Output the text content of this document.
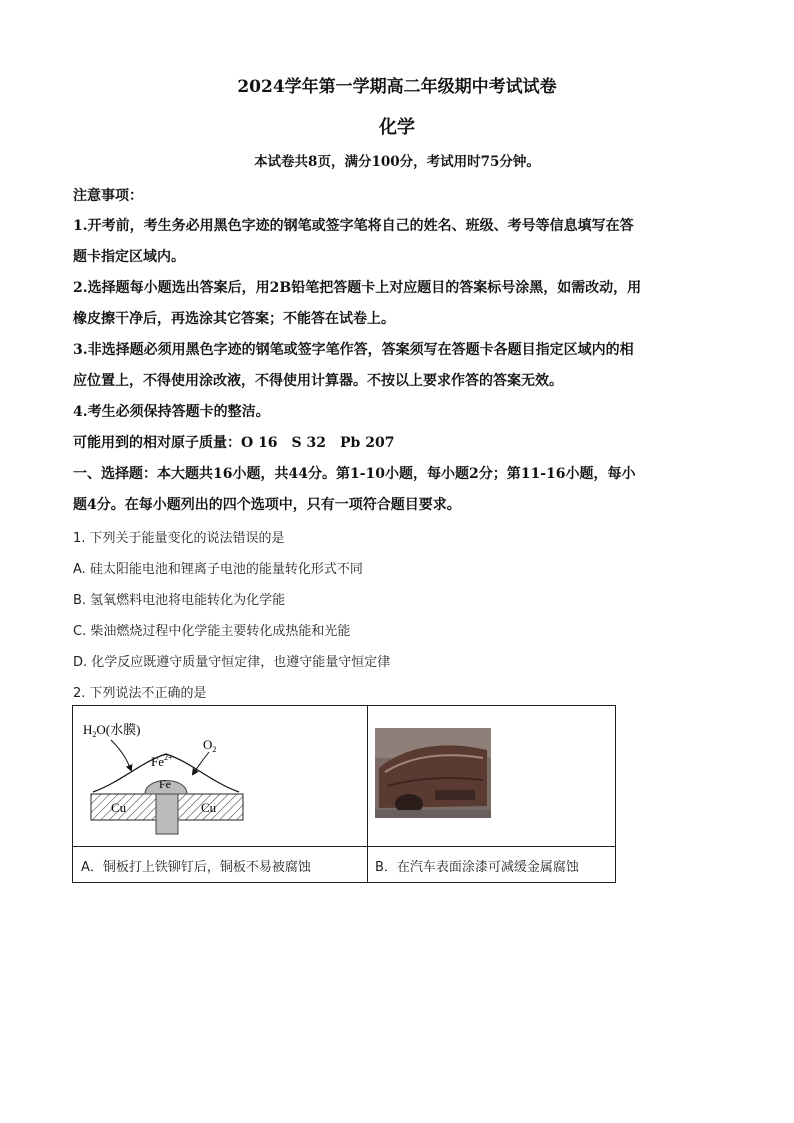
2024学年第一学期高二年级期中考试试卷
化学
本试卷共8页，满分100分，考试用时75分钟。
注意事项：
1.开考前，考生务必用黑色字迹的钢笔或签字笔将自己的姓名、班级、考号等信息填写在答
题卡指定区域内。
2.选择题每小题选出答案后，用2B铅笔把答题卡上对应题目的答案标号涂黑，如需改动，用
橡皮擦干净后，再选涂其它答案；不能答在试卷上。
3.非选择题必须用黑色字迹的钢笔或签字笔作答，答案须写在答题卡各题目指定区域内的相
应位置上，不得使用涂改液，不得使用计算器。不按以上要求作答的答案无效。
4.考生必须保持答题卡的整洁。
可能用到的相对原子质量：O 16　S 32　Pb 207
一、选择题：本大题共16小题，共44分。第1-10小题，每小题2分；第11-16小题，每小
题4分。在每小题列出的四个选项中，只有一项符合题目要求。
1. 下列关于能量变化的说法错误的是
A. 硅太阳能电池和锂离子电池的能量转化形式不同
B. 氢氧燃料电池将电能转化为化学能
C. 柴油燃烧过程中化学能主要转化成热能和光能
D. 化学反应既遵守质量守恒定律，也遵守能量守恒定律
2. 下列说法不正确的是
$H_2O$(水膜)
$O_2$
$Fe^{2+}$
Fe
Cu	Cu
A．铜板打上铁铆钉后，铜板不易被腐蚀	B．在汽车表面涂漆可减缓金属腐蚀
